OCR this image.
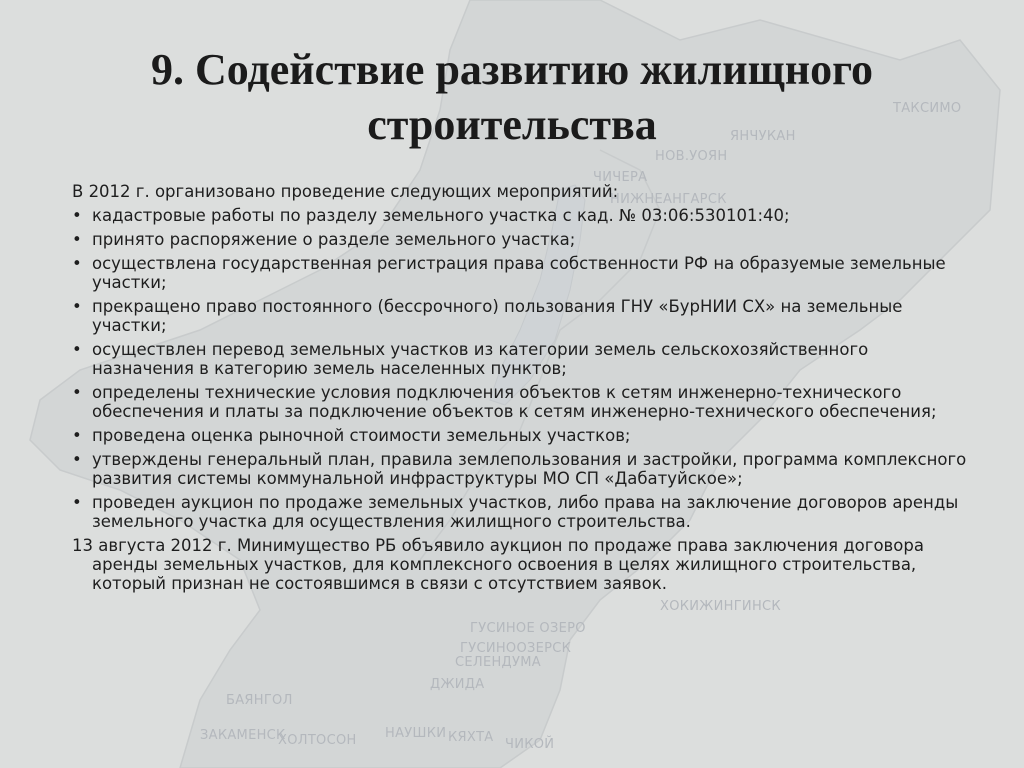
ТАКСИМО
ЯНЧУКАН
НОВ.УОЯН
ЧИЧЕРА
НИЖНЕАНГАРСК
ГУСИНООЗЕРСК
СЕЛЕНДУМА
ДЖИДА
БАЯНГОЛ
ЗАКАМЕНСК
ХОЛТОСОН НАУШКИ КЯХТА ЧИКОЙ
ХОКИЖИНГИНСК
ГУСИНОЕ ОЗЕРО
9. Содействие развитию жилищного
строительства

В 2012 г. организовано проведение следующих мероприятий:

• кадастровые работы по разделу земельного участка с кад. № 03:06:530101:40;
• принято распоряжение о разделе земельного участка;
• осуществлена государственная регистрация права собственности РФ на образуемые земельные участки;
• прекращено право постоянного (бессрочного) пользования ГНУ «БурНИИ СХ» на земельные участки;
• осуществлен перевод земельных участков из категории земель сельскохозяйственного назначения в категорию земель населенных пунктов;
• определены технические условия подключения объектов к сетям инженерно-технического обеспечения и платы за подключение объектов к сетям инженерно-технического обеспечения;
• проведена оценка рыночной стоимости земельных участков;
• утверждены генеральный план, правила землепользования и застройки, программа комплексного развития системы коммунальной инфраструктуры МО СП «Дабатуйское»;
• проведен аукцион по продаже земельных участков, либо права на заключение договоров аренды земельного участка для осуществления жилищного строительства.

13 августа 2012 г. Минимущество РБ объявило аукцион по продаже права заключения договора аренды земельных участков, для комплексного освоения в целях жилищного строительства, который признан не состоявшимся в связи с отсутствием заявок.
